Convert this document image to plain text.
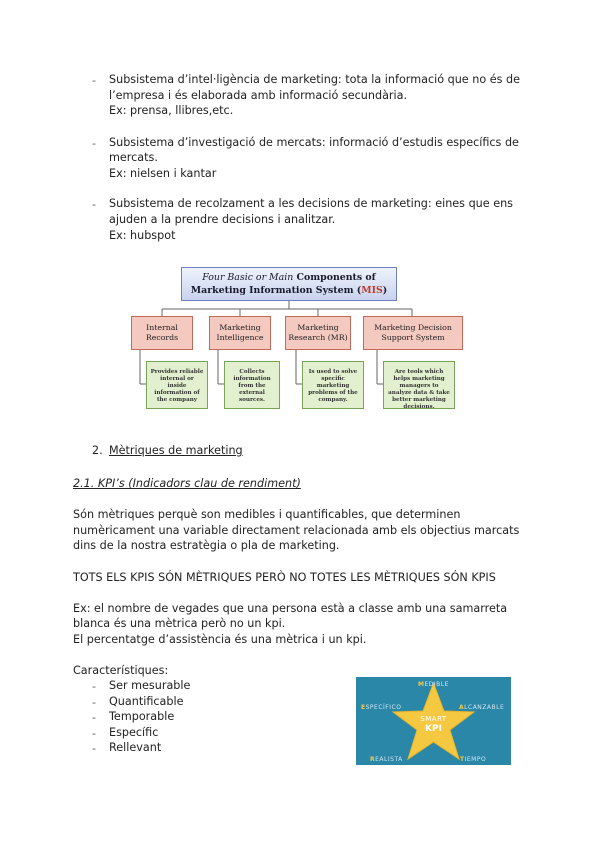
- Subsistema d’intel·ligència de marketing: tota la informació que no és de
l’empresa i és elaborada amb informació secundària.
Ex: prensa, llibres,etc.
- Subsistema d’investigació de mercats: informació d’estudis específics de
mercats.
Ex: nielsen i kantar
- Subsistema de recolzament a les decisions de marketing: eines que ens
ajuden a la prendre decisions i analitzar.
Ex: hubspot
Four Basic or Main Components of
Marketing Information System (MIS)
Internal
Records
Marketing
Intelligence
Marketing
Research (MR)
Marketing Decision
Support System
Provides reliable internal or inside information of the company
Collects information from the external sources.
Is used to solve specific marketing problems of the company.
Are tools which helps marketing managers to analyze data & take better marketing decisions.
2. Mètriques de marketing
2.1. KPI’s (Indicadors clau de rendiment)
Són mètriques perquè son medibles i quantificables, que determinen
numèricament una variable directament relacionada amb els objectius marcats
dins de la nostra estratègia o pla de marketing.
TOTS ELS KPIS SÓN MÈTRIQUES PERÒ NO TOTES LES MÈTRIQUES SÓN KPIS
Ex: el nombre de vegades que una persona està a classe amb una samarreta
blanca és una mètrica però no un kpi.
El percentatge d’assistència és una mètrica i un kpi.
Característiques:
- Ser mesurable
- Quantificable
- Temporable
- Específic
- Rellevant
MEDIBLE
ESPECÍFICO	ALCANZABLE
REALISTA	TIEMPO
SMART
KPI
